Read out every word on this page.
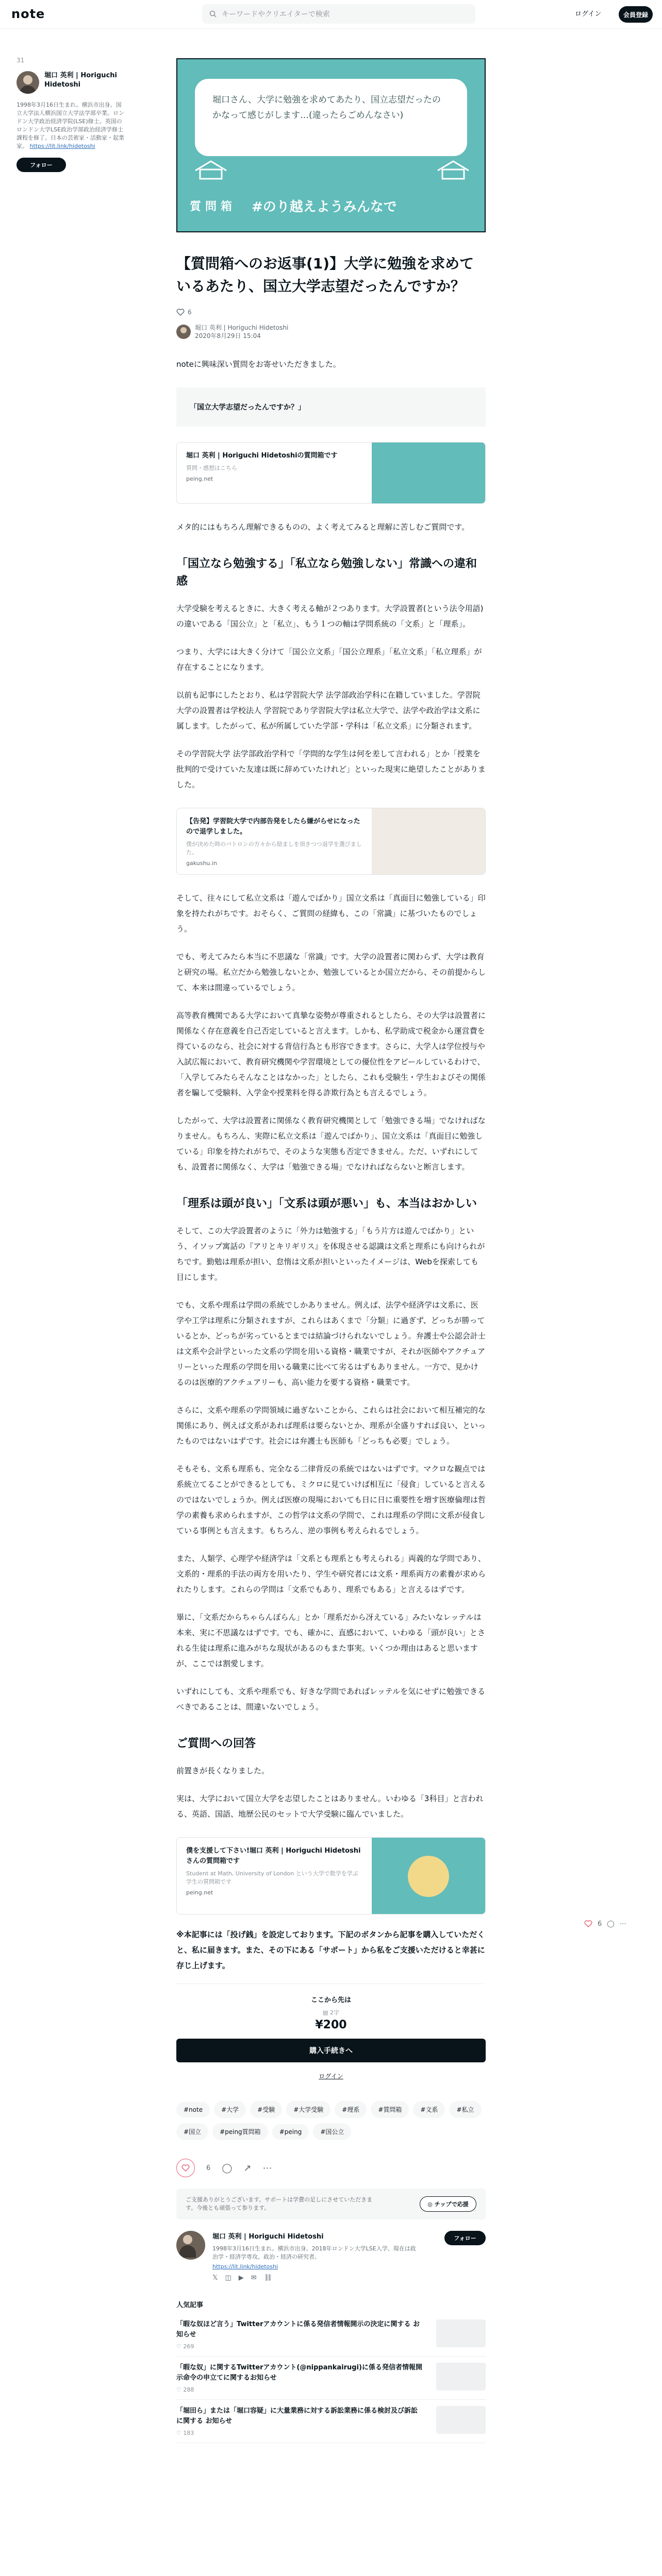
note	キーワードやクリエイターで検索	ログイン	会員登録
31
堀口 英利 | Horiguchi Hidetoshi
1998年3月16日生まれ。横浜市出身。国立大学法人横浜国立大学法学部卒業。ロンドン大学政治経済学院(LSE)修士。英国のロンドン大学LSE政治学部政治経済学修士課程を修了。日本の芸術家・活動家・起業家。 https://lit.link/hidetoshi
フォロー
堀口さん、大学に勉強を求めてあたり、国立志望だったのかなって感じがします…(違ったらごめんなさい)
質問箱 #のり越えようみんなで
【質問箱へのお返事(1)】大学に勉強を求めているあたり、国立大学志望だったんですか？
6
堀口 英利 | Horiguchi Hidetoshi
2020年8月29日 15:04

noteに興味深い質問をお寄せいただきました。

「国立大学志望だったんですか？」
堀口 英利 | Horiguchi Hidetoshiの質問箱です
質問・感想はこちら
peing.net

メタ的にはもちろん理解できるものの、よく考えてみると理解に苦しむご質問です。

「国立なら勉強する」「私立なら勉強しない」常識への違和感

大学受験を考えるときに、大きく考える軸が２つあります。大学設置者(という法令用語)の違いである「国公立」と「私立」、もう１つの軸は学問系統の「文系」と「理系」。

つまり、大学には大きく分けて「国公立文系」「国公立理系」「私立文系」「私立理系」が存在することになります。

以前も記事にしたとおり、私は学習院大学 法学部政治学科に在籍していました。学習院大学の設置者は学校法人 学習院であり学習院大学は私立大学で、法学や政治学は文系に属します。したがって、私が所属していた学部・学科は「私立文系」に分類されます。

その学習院大学 法学部政治学科で「学問的な学生は何を差して言われる」とか「授業を批判的で受けていた友達は既に辞めていたけれど」といった現実に絶望したことがありました。

【告発】学習院大学で内部告発をしたら嫌がらせになったので退学しました。
僕が決めた時のパトロンの方々から励ましを頂きつつ退学を選びました。
gakushu.in

そして、往々にして私立文系は「遊んでばかり」国立文系は「真面目に勉強している」印象を持たれがちです。おそらく、ご質問の経緯も、この「常識」に基づいたものでしょう。

でも、考えてみたら本当に不思議な「常識」です。大学の設置者に関わらず、大学は教育と研究の場。私立だから勉強しないとか、勉強しているとか国立だから、その前提からして、本来は間違っているでしょう。

高等教育機関である大学において真摯な姿勢が尊重されるとしたら、その大学は設置者に関係なく存在意義を自己否定していると言えます。しかも、私学助成で税金から運営費を得ているのなら、社会に対する背信行為とも形容できます。さらに、大学人は学位授与や入試広報において、教育研究機関や学習環境としての優位性をアピールしているわけで、「入学してみたらそんなことはなかった」としたら、これも受験生・学生およびその関係者を騙して受験料、入学金や授業料を得る詐欺行為とも言えるでしょう。

したがって、大学は設置者に関係なく教育研究機関として「勉強できる場」でなければなりません。もちろん、実際に私立文系は「遊んでばかり」、国立文系は「真面目に勉強している」印象を持たれがちで、そのような実態も否定できません。ただ、いずれにしても、設置者に関係なく、大学は「勉強できる場」でなければならないと断言します。

「理系は頭が良い」「文系は頭が悪い」も、本当はおかしい

そして、この大学設置者のように「外力は勉強する」「もう片方は遊んでばかり」という、イソップ寓話の『アリとキリギリス』を体現させる認識は文系と理系にも向けられがちです。勤勉は理系が担い、怠惰は文系が担いといったイメージは、Webを探索しても目にします。

でも、文系や理系は学問の系統でしかありません。例えば、法学や経済学は文系に、医学や工学は理系に分類されますが、これらはあくまで「分類」に過ぎず、どっちが勝っているとか、どっちが劣っているとまでは結論づけられないでしょう。弁護士や公認会計士は文系や会計学といった文系の学問を用いる資格・職業ですが、それが医師やアクチュアリーといった理系の学問を用いる職業に比べて劣るはずもありません。一方で、見かけるのは医療的アクチュアリーも、高い能力を要する資格・職業です。

さらに、文系や理系の学問領域に過ぎないことから、これらは社会において相互補完的な関係にあり、例えば文系があれば理系は要らないとか、理系が全盛りすれば良い、といったものではないはずです。社会には弁護士も医師も「どっちも必要」でしょう。

そもそも、文系も理系も、完全なる二律背反の系統ではないはずです。マクロな観点では系統立てることができるとしても、ミクロに見ていけば相互に「侵食」していると言えるのではないでしょうか。例えば医療の現場においても日に日に重要性を増す医療倫理は哲学の素養も求められますが、この哲学は文系の学問で、これは理系の学問に文系が侵食している事例とも言えます。もちろん、逆の事例も考えられるでしょう。

また、人類学、心理学や経済学は「文系とも理系とも考えられる」両義的な学問であり、文系的・理系的手法の両方を用いたり、学生や研究者には文系・理系両方の素養が求められたりします。これらの学問は「文系でもあり、理系でもある」と言えるはずです。

畢に、「文系だからちゃらんぽらん」とか「理系だから冴えている」みたいなレッテルは本来、実に不思議なはずです。でも、確かに、直感において、いわゆる「頭が良い」とされる生徒は理系に進みがちな現状があるのもまた事実。いくつか理由はあると思いますが、ここでは割愛します。

いずれにしても、文系や理系でも、好きな学問であればレッテルを気にせずに勉強できるべきであることは、間違いないでしょう。

ご質問への回答

前置きが長くなりました。

実は、大学において国立大学を志望したことはありません。いわゆる「3科目」と言われる、英語、国語、地歴公民のセットで大学受験に臨んでいました。

僕を支援して下さい!堀口 英利 | Horiguchi Hidetoshiさんの質問箱です
Student at Math, University of London という大学で数学を学ぶ学生の質問箱です
peing.net

※本記事には「投げ銭」を設定しております。下記のボタンから記事を購入していただくと、私に届きます。また、その下にある「サポート」から私をご支援いただけると幸甚に存じ上げます。

ここから先は
▤ 2字
¥200
購入手続きへ
ログイン
#note	#大学	#受験	#大学受験	#理系	#質問箱	#文系	#私立#国立	#peing質問箱	#peing	#国公立
6 ◯ ↗ ⋯
ご支援ありがとうございます。サポートは学費の足しにさせていただきます。今後とも頑張って参ります。
◎ チップで応援
堀口 英利 | Horiguchi Hidetoshi
1998年3月16日生まれ。横浜市出身。2018年ロンドン大学LSE入学、現在は政治学・経済学専攻。政治・経済の研究者。
https://lit.link/hidetoshi
𝕏 ◫ ▶ ✉ ⛓
フォロー
人気記事
「暇な奴ほど言う」Twitterアカウントに係る発信者情報開示の決定に関する お知らせ
♡ 269
「暇な奴」に関するTwitterアカウント(@nippankairugi)に係る発信者情報開示命令の申立てに関するお知らせ
♡ 288
「堀田ら」または「堀口容疑」に大量業務に対する訴訟業務に係る検討及び訴訟に関する お知らせ
♡ 183
6 ◯ ⋯
